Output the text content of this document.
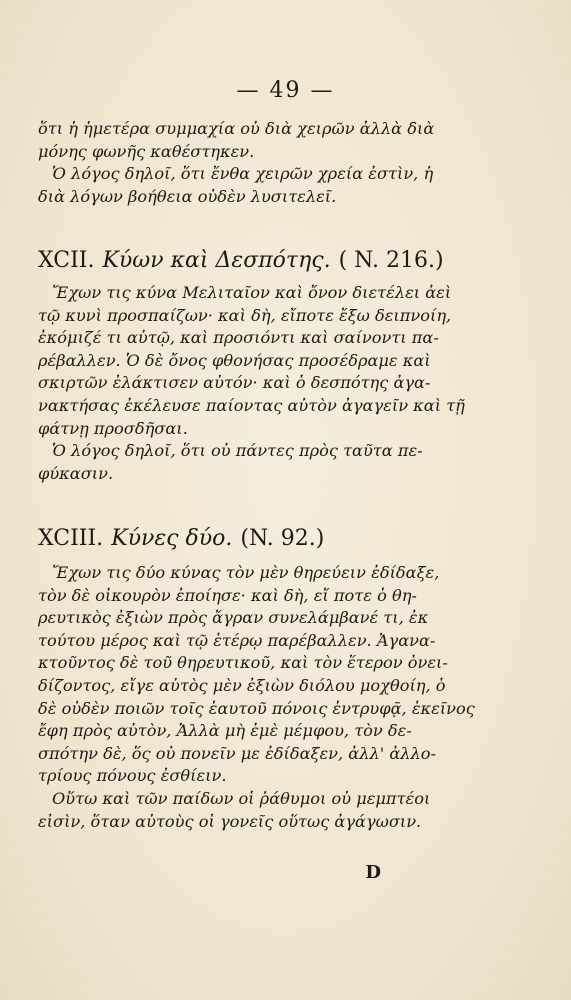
— 49 —
ὅτι ἡ ἡμετέρα συμμαχία οὐ διὰ χειρῶν ἀλλὰ διὰ
μόνης φωνῆς καθέστηκεν.
Ὁ λόγος δηλοῖ, ὅτι ἔνθα χειρῶν χρεία ἐστὶν, ἡ
διὰ λόγων βοήθεια οὐδὲν λυσιτελεῖ.
XCII. Κύων καὶ Δεσπότης. ( N. 216.)
Ἔχων τις κύνα Μελιταῖον καὶ ὄνον διετέλει ἀεὶ
τῷ κυνὶ προσπαίζων· καὶ δὴ, εἴποτε ἔξω δειπνοίη,
ἐκόμιζέ τι αὐτῷ, καὶ προσιόντι καὶ σαίνοντι πα-
ρέβαλλεν. Ὁ δὲ ὄνος φθονήσας προσέδραμε καὶ
σκιρτῶν ἐλάκτισεν αὐτόν· καὶ ὁ δεσπότης ἀγα-
νακτήσας ἐκέλευσε παίοντας αὐτὸν ἀγαγεῖν καὶ τῇ
φάτνῃ προσδῆσαι.
Ὁ λόγος δηλοῖ, ὅτι οὐ πάντες πρὸς ταῦτα πε-
φύκασιν.
XCIII. Κύνες δύο. (N. 92.)
Ἔχων τις δύο κύνας τὸν μὲν θηρεύειν ἐδίδαξε,
τὸν δὲ οἰκουρὸν ἐποίησε· καὶ δὴ, εἴ ποτε ὁ θη-
ρευτικὸς ἐξιὼν πρὸς ἄγραν συνελάμβανέ τι, ἐκ
τούτου μέρος καὶ τῷ ἑτέρῳ παρέβαλλεν. Ἀγανα-
κτοῦντος δὲ τοῦ θηρευτικοῦ, καὶ τὸν ἕτερον ὀνει-
δίζοντος, εἴγε αὐτὸς μὲν ἐξιὼν διόλου μοχθοίη, ὁ
δὲ οὐδὲν ποιῶν τοῖς ἑαυτοῦ πόνοις ἐντρυφᾷ, ἐκεῖνος
ἔφη πρὸς αὐτὸν, Ἀλλὰ μὴ ἐμὲ μέμφου, τὸν δε-
σπότην δὲ, ὅς οὐ πονεῖν με ἐδίδαξεν, ἀλλ' ἀλλο-
τρίους πόνους ἐσθίειν.
Οὕτω καὶ τῶν παίδων οἱ ῥάθυμοι οὐ μεμπτέοι
εἰσὶν, ὅταν αὐτοὺς οἱ γονεῖς οὕτως ἀγάγωσιν.
D
